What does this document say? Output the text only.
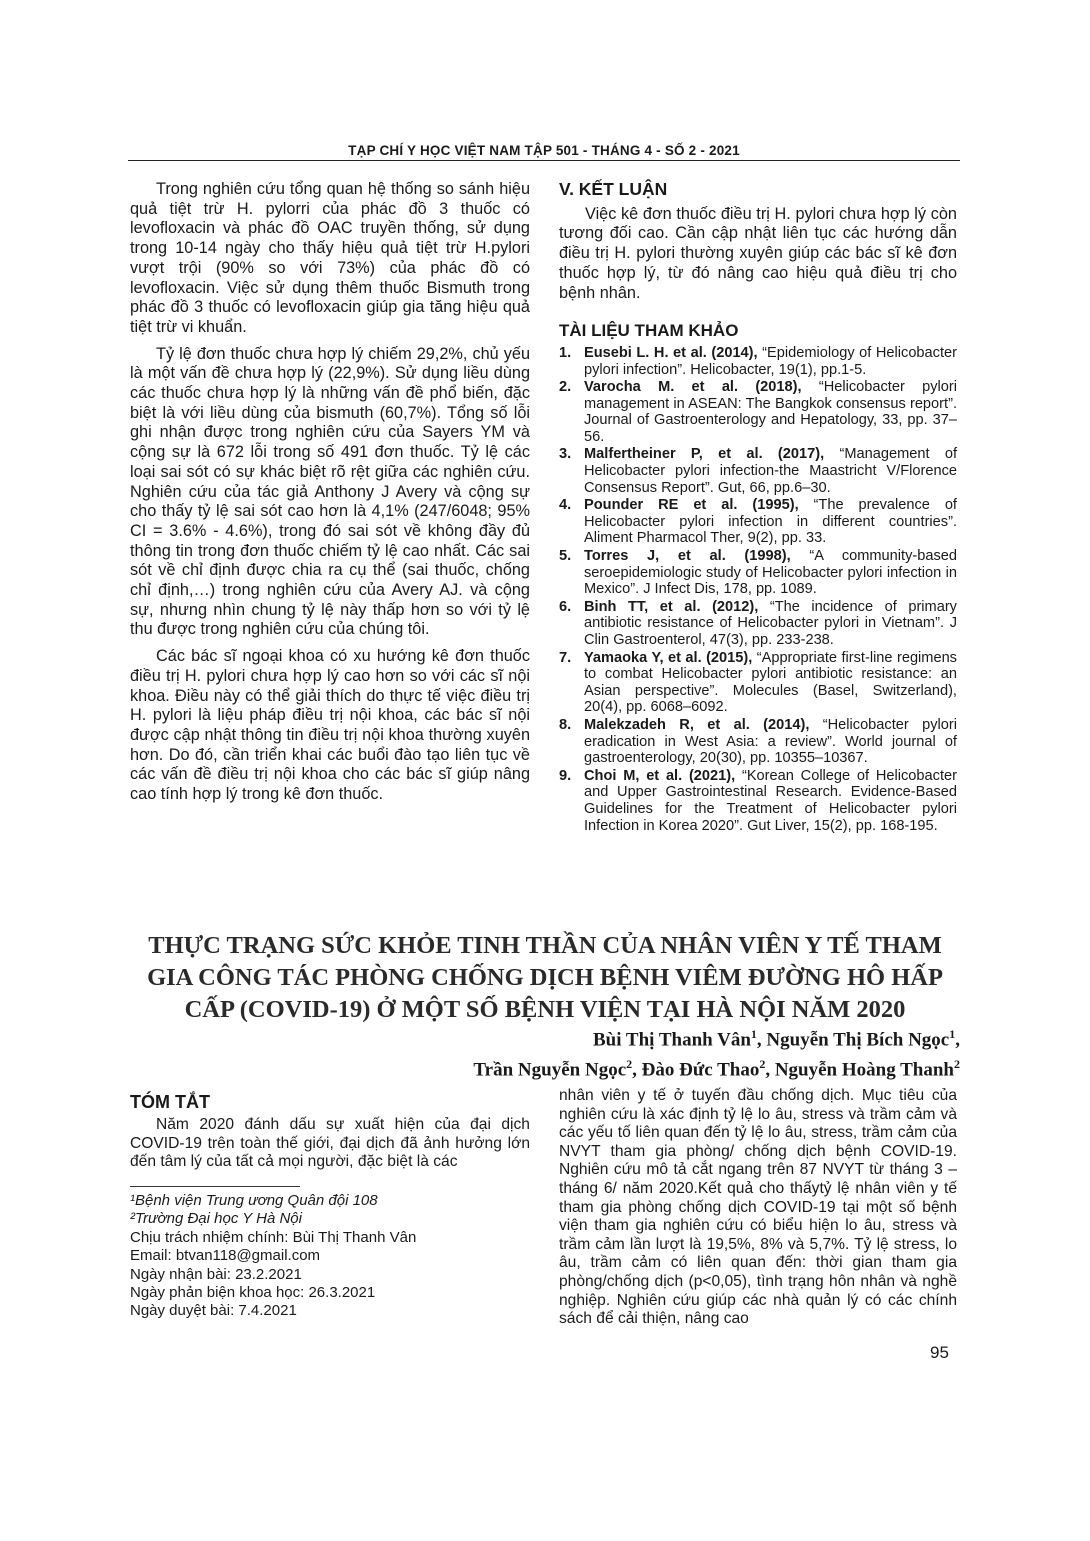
TẠP CHÍ Y HỌC VIỆT NAM TẬP 501 - THÁNG 4 - SỐ 2 - 2021

Trong nghiên cứu tổng quan hệ thống so sánh hiệu quả tiệt trừ H. pylorri của phác đồ 3 thuốc có levofloxacin và phác đồ OAC truyền thống, sử dụng trong 10-14 ngày cho thấy hiệu quả tiệt trừ H.pylori vượt trội (90% so với 73%) của phác đồ có levofloxacin. Việc sử dụng thêm thuốc Bismuth trong phác đồ 3 thuốc có levofloxacin giúp gia tăng hiệu quả tiệt trừ vi khuẩn.

Tỷ lệ đơn thuốc chưa hợp lý chiếm 29,2%, chủ yếu là một vấn đề chưa hợp lý (22,9%). Sử dụng liều dùng các thuốc chưa hợp lý là những vấn đề phổ biến, đặc biệt là với liều dùng của bismuth (60,7%). Tổng số lỗi ghi nhận được trong nghiên cứu của Sayers YM và cộng sự là 672 lỗi trong số 491 đơn thuốc. Tỷ lệ các loại sai sót có sự khác biệt rõ rệt giữa các nghiên cứu. Nghiên cứu của tác giả Anthony J Avery và cộng sự cho thấy tỷ lệ sai sót cao hơn là 4,1% (247/6048; 95% CI = 3.6% - 4.6%), trong đó sai sót về không đầy đủ thông tin trong đơn thuốc chiếm tỷ lệ cao nhất. Các sai sót về chỉ định được chia ra cụ thể (sai thuốc, chống chỉ định,…) trong nghiên cứu của Avery AJ. và cộng sự, nhưng nhìn chung tỷ lệ này thấp hơn so với tỷ lệ thu được trong nghiên cứu của chúng tôi.

Các bác sĩ ngoại khoa có xu hướng kê đơn thuốc điều trị H. pylori chưa hợp lý cao hơn so với các sĩ nội khoa. Điều này có thể giải thích do thực tế việc điều trị H. pylori là liệu pháp điều trị nội khoa, các bác sĩ nội được cập nhật thông tin điều trị nội khoa thường xuyên hơn. Do đó, cần triển khai các buổi đào tạo liên tục về các vấn đề điều trị nội khoa cho các bác sĩ giúp nâng cao tính hợp lý trong kê đơn thuốc.

V. KẾT LUẬN

Việc kê đơn thuốc điều trị H. pylori chưa hợp lý còn tương đối cao. Cần cập nhật liên tục các hướng dẫn điều trị H. pylori thường xuyên giúp các bác sĩ kê đơn thuốc hợp lý, từ đó nâng cao hiệu quả điều trị cho bệnh nhân.

TÀI LIỆU THAM KHẢO
1. Eusebi L. H. et al. (2014), “Epidemiology of Helicobacter pylori infection”. Helicobacter, 19(1), pp.1-5.
2. Varocha M. et al. (2018), “Helicobacter pylori management in ASEAN: The Bangkok consensus report”. Journal of Gastroenterology and Hepatology, 33, pp. 37–56.
3. Malfertheiner P, et al. (2017), “Management of Helicobacter pylori infection-the Maastricht V/Florence Consensus Report”. Gut, 66, pp.6–30.
4. Pounder RE et al. (1995), “The prevalence of Helicobacter pylori infection in different countries”. Aliment Pharmacol Ther, 9(2), pp. 33.
5. Torres J, et al. (1998), “A community-based seroepidemiologic study of Helicobacter pylori infection in Mexico”. J Infect Dis, 178, pp. 1089.
6. Binh TT, et al. (2012), “The incidence of primary antibiotic resistance of Helicobacter pylori in Vietnam”. J Clin Gastroenterol, 47(3), pp. 233-238.
7. Yamaoka Y, et al. (2015), “Appropriate first-line regimens to combat Helicobacter pylori antibiotic resistance: an Asian perspective”. Molecules (Basel, Switzerland), 20(4), pp. 6068–6092.
8. Malekzadeh R, et al. (2014), “Helicobacter pylori eradication in West Asia: a review”. World journal of gastroenterology, 20(30), pp. 10355–10367.
9. Choi M, et al. (2021), “Korean College of Helicobacter and Upper Gastrointestinal Research. Evidence-Based Guidelines for the Treatment of Helicobacter pylori Infection in Korea 2020”. Gut Liver, 15(2), pp. 168-195.
THỰC TRẠNG SỨC KHỎE TINH THẦN CỦA NHÂN VIÊN Y TẾ THAM GIA CÔNG TÁC PHÒNG CHỐNG DỊCH BỆNH VIÊM ĐƯỜNG HÔ HẤP CẤP (COVID-19) Ở MỘT SỐ BỆNH VIỆN TẠI HÀ NỘI NĂM 2020
Bùi Thị Thanh Vân$^1$, Nguyễn Thị Bích Ngọc$^1$,
Trần Nguyễn Ngọc$^2$, Đào Đức Thao$^2$, Nguyễn Hoàng Thanh$^2$
TÓM TẮT

Năm 2020 đánh dấu sự xuất hiện của đại dịch COVID-19 trên toàn thế giới, đại dịch đã ảnh hưởng lớn đến tâm lý của tất cả mọi người, đặc biệt là các

nhân viên y tế ở tuyến đầu chống dịch. Mục tiêu của nghiên cứu là xác định tỷ lệ lo âu, stress và trầm cảm và các yếu tố liên quan đến tỷ lệ lo âu, stress, trầm cảm của NVYT tham gia phòng/ chống dịch bệnh COVID-19. Nghiên cứu mô tả cắt ngang trên 87 NVYT từ tháng 3 – tháng 6/ năm 2020.Kết quả cho thấytỷ lệ nhân viên y tế tham gia phòng chống dịch COVID-19 tại một số bệnh viện tham gia nghiên cứu có biểu hiện lo âu, stress và trầm cảm lần lượt là 19,5%, 8% và 5,7%. Tỷ lệ stress, lo âu, trầm cảm có liên quan đến: thời gian tham gia phòng/chống dịch (p<0,05), tình trạng hôn nhân và nghề nghiệp. Nghiên cứu giúp các nhà quản lý có các chính sách để cải thiện, nâng cao

¹Bệnh viện Trung ương Quân đội 108
²Trường Đại học Y Hà Nội
Chịu trách nhiệm chính: Bùi Thị Thanh Vân
Email: btvan118@gmail.com
Ngày nhận bài: 23.2.2021
Ngày phản biện khoa học: 26.3.2021
Ngày duyệt bài: 7.4.2021
95
